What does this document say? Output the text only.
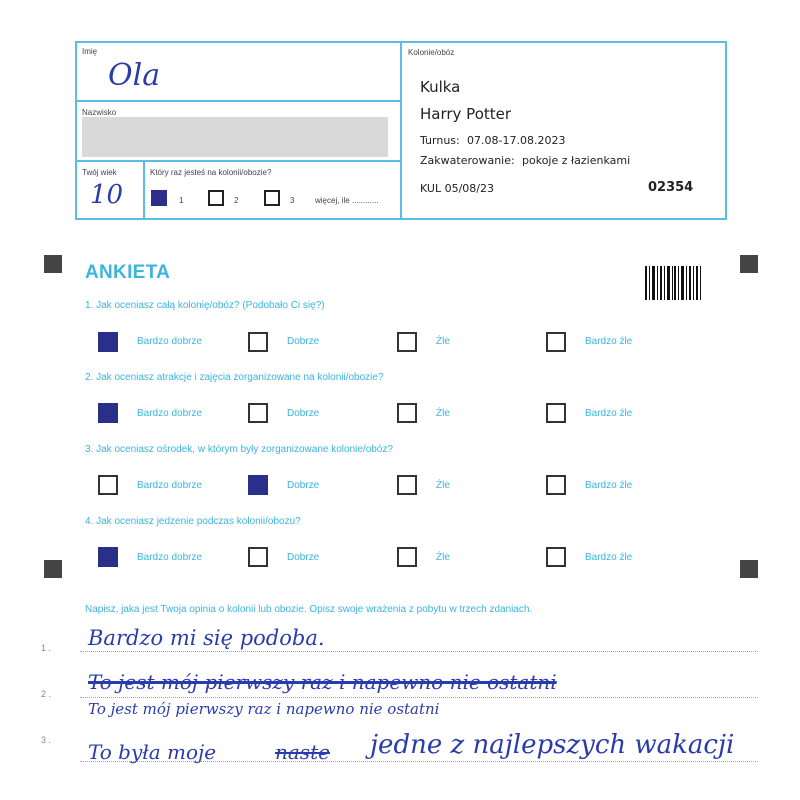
Imię
Ola
Nazwisko
Twój wiek
10
Który raz jesteś na kolonii/obozie?
1	2	3	więcej, ile ............
Kolonie/obóz
Kulka
Harry Potter
Turnus: 07.08-17.08.2023
Zakwaterowanie: pokoje z łazienkami
KUL 05/08/23	02354
ANKIETA
1. Jak oceniasz całą kolonię/obóz? (Podobało Ci się?)
Bardzo dobrze	Dobrze	Źle	Bardzo źle
2. Jak oceniasz atrakcje i zajęcia zorganizowane na kolonii/obozie?
Bardzo dobrze	Dobrze	Źle	Bardzo źle
3. Jak oceniasz ośrodek, w którym były zorganizowane kolonie/obóz?
Bardzo dobrze	Dobrze	Źle	Bardzo źle
4. Jak oceniasz jedzenie podczas kolonii/obozu?
Bardzo dobrze	Dobrze	Źle	Bardzo źle
Napisz, jaka jest Twoja opinia o kolonii lub obozie. Opisz swoje wrażenia z pobytu w trzech zdaniach.
1 . Bardzo mi się podoba.
2 . To jest mój pierwszy raz i napewno nie ostatni
To jest mój pierwszy raz i napewno nie ostatni
3 . To była moje	naste jedne z najlepszych wakacji
